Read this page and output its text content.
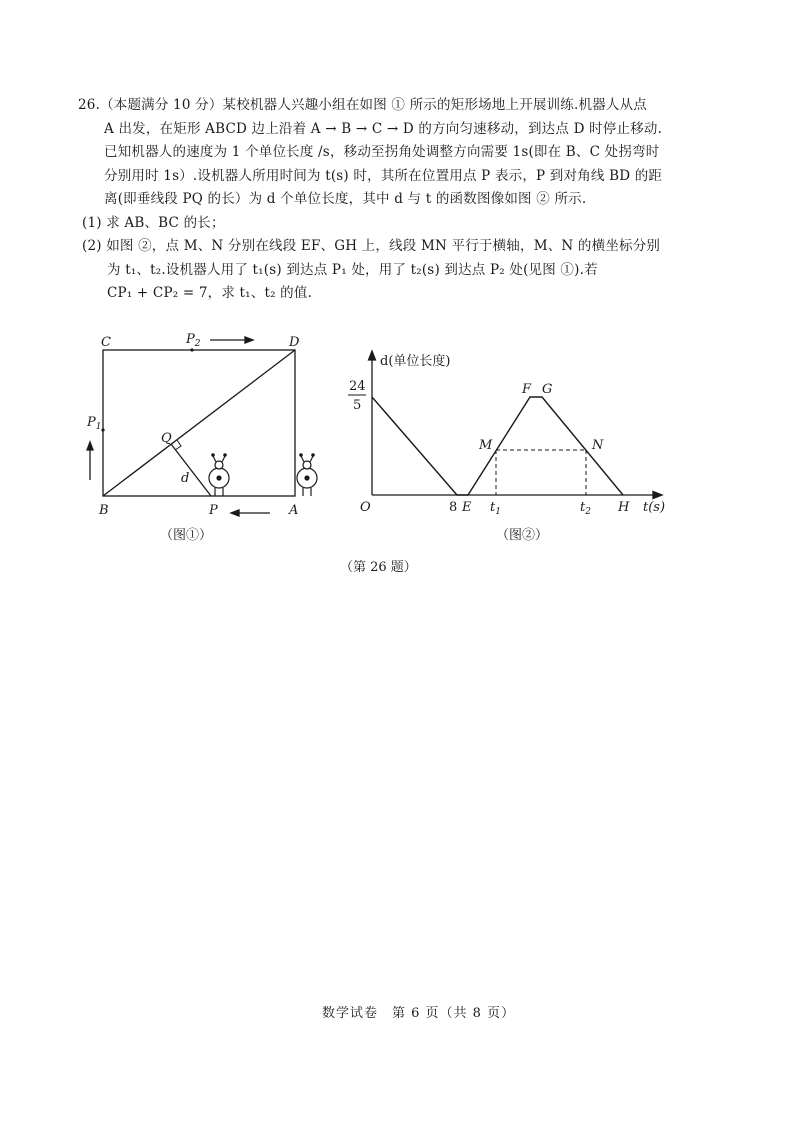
26.（本题满分 10 分）某校机器人兴趣小组在如图 ① 所示的矩形场地上开展训练.机器人从点

A 出发，在矩形 ABCD 边上沿着 A → B → C → D 的方向匀速移动，到达点 D 时停止移动.

已知机器人的速度为 1 个单位长度 /s，移动至拐角处调整方向需要 1s(即在 B、C 处拐弯时

分别用时 1s）.设机器人所用时间为 t(s) 时，其所在位置用点 P 表示，P 到对角线 BD 的距

离(即垂线段 PQ 的长）为 d 个单位长度，其中 d 与 t 的函数图像如图 ② 所示.

(1) 求 AB、BC 的长；

(2) 如图 ②，点 M、N 分别在线段 EF、GH 上，线段 MN 平行于横轴，M、N 的横坐标分别

为 t₁、t₂.设机器人用了 t₁(s) 到达点 P₁ 处，用了 t₂(s) 到达点 P₂ 处(见图 ①).若

CP₁ + CP₂ = 7，求 t₁、t₂ 的值.

C	D
B	A
P
Q
d
$P_1$
$P_2$
24
5
d(单位长度)
O	8 E
F G
M	N
$t_1$	$t_2$ H t(s)
（图①）	（图②）
（第 26 题）
数学试卷　第 6 页（共 8 页）
